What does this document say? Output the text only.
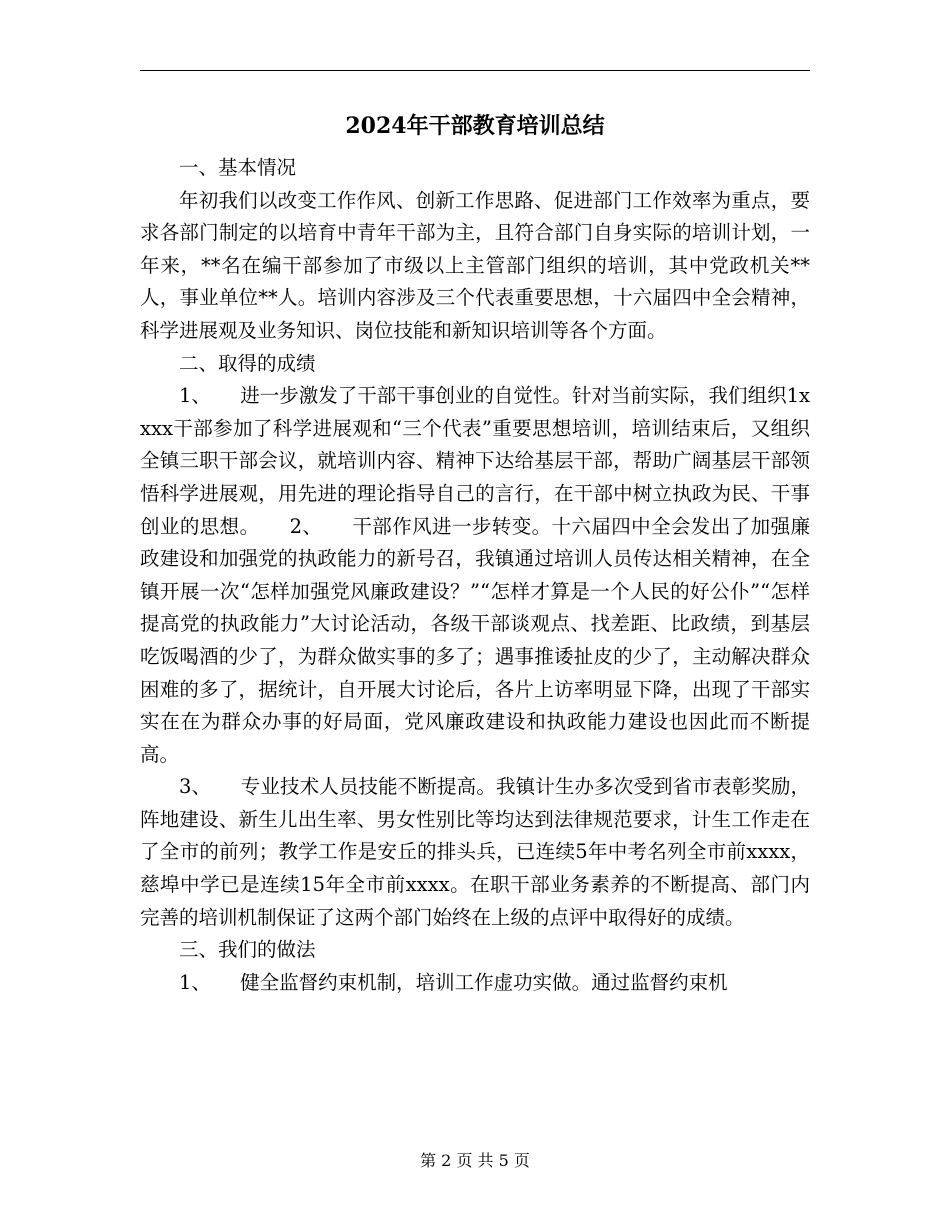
2024年干部教育培训总结

一、基本情况

年初我们以改变工作作风、创新工作思路、促进部门工作效率为重点，要求各部门制定的以培育中青年干部为主，且符合部门自身实际的培训计划，一年来，**名在编干部参加了市级以上主管部门组织的培训，其中党政机关**人，事业单位**人。培训内容涉及三个代表重要思想，十六届四中全会精神，科学进展观及业务知识、岗位技能和新知识培训等各个方面。

二、取得的成绩

1、　　进一步激发了干部干事创业的自觉性。针对当前实际，我们组织1xxxx干部参加了科学进展观和“三个代表”重要思想培训，培训结束后，又组织全镇三职干部会议，就培训内容、精神下达给基层干部，帮助广阔基层干部领悟科学进展观，用先进的理论指导自己的言行，在干部中树立执政为民、干事创业的思想。　　2、　　干部作风进一步转变。十六届四中全会发出了加强廉政建设和加强党的执政能力的新号召，我镇通过培训人员传达相关精神，在全镇开展一次“怎样加强党风廉政建设？”“怎样才算是一个人民的好公仆”“怎样提高党的执政能力”大讨论活动，各级干部谈观点、找差距、比政绩，到基层吃饭喝酒的少了，为群众做实事的多了；遇事推诿扯皮的少了，主动解决群众困难的多了，据统计，自开展大讨论后，各片上访率明显下降，出现了干部实实在在为群众办事的好局面，党风廉政建设和执政能力建设也因此而不断提高。

3、　　专业技术人员技能不断提高。我镇计生办多次受到省市表彰奖励，阵地建设、新生儿出生率、男女性别比等均达到法律规范要求，计生工作走在了全市的前列；教学工作是安丘的排头兵，已连续5年中考名列全市前xxxx，慈埠中学已是连续15年全市前xxxx。在职干部业务素养的不断提高、部门内完善的培训机制保证了这两个部门始终在上级的点评中取得好的成绩。

三、我们的做法

1、　　健全监督约束机制，培训工作虚功实做。通过监督约束机

第 2 页 共 5 页
